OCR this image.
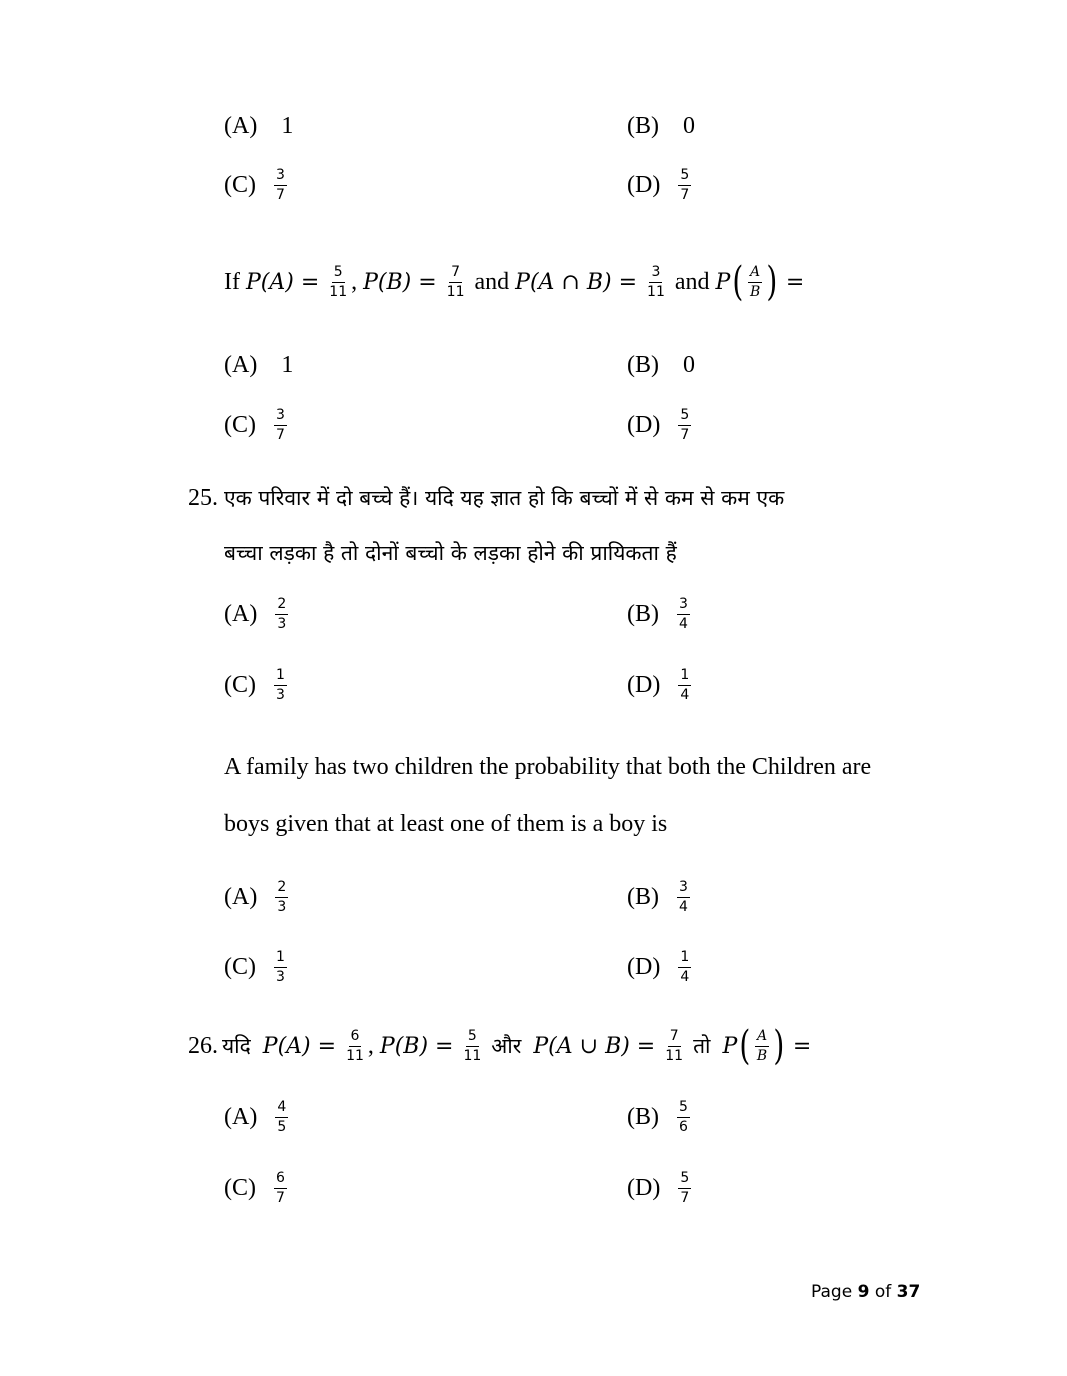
(A) 1	(B) 0
$(C) \frac{3}{7}$	$(D) \frac{5}{7}$
If
P(A) =
$\frac{5}{11}$ ,
P(B) =
$\frac{7}{11}$
and
P(A ∩ B) =
$\frac{3}{11}$
and
P ( $\frac{A}{B}$ )
=
(A) 1	(B) 0
$(C) \frac{3}{7}$	$(D) \frac{5}{7}$
25. एक परिवार में दो बच्चे हैं। यदि यह ज्ञात हो कि बच्चों में से कम से कम एक
बच्चा लड़का है तो दोनों बच्चो के लड़का होने की प्रायिकता हैं
$(A) \frac{2}{3}$	$(B) \frac{3}{4}$
$(C) \frac{1}{3}$	$(D) \frac{1}{4}$
A family has two children the probability that both the Children are
boys given that at least one of them is a boy is
$(A) \frac{2}{3}$	$(B) \frac{3}{4}$
$(C) \frac{1}{3}$	$(D) \frac{1}{4}$
26. यदि
P(A) =
$\frac{6}{11}$ ,
P(B) =
$\frac{5}{11}$
और
P(A ∪ B) =
$\frac{7}{11}$
तो
P ( $\frac{A}{B}$ )
=
$(A) \frac{4}{5}$	$(B) \frac{5}{6}$
$(C) \frac{6}{7}$	$(D) \frac{5}{7}$
Page 9 of 37
